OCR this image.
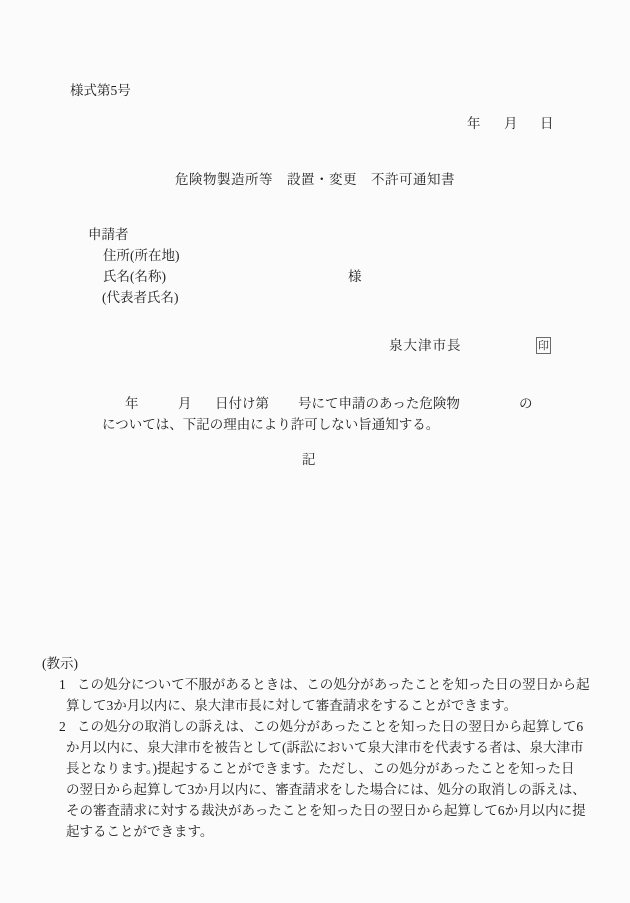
様式第5号
年 月 日
危険物製造所等　設置・変更　不許可通知書
申請者
住所(所在地)
氏名(名称)	様
(代表者氏名)
泉大津市長	印
年	月 日付け第 号にて申請のあった危険物	の
については、下記の理由により許可しない旨通知する。
記
(教示)
1 この処分について不服があるときは、この処分があったことを知った日の翌日から起
算して3か月以内に、泉大津市長に対して審査請求をすることができます。
2 この処分の取消しの訴えは、この処分があったことを知った日の翌日から起算して6
か月以内に、泉大津市を被告として(訴訟において泉大津市を代表する者は、泉大津市
長となります。)提起することができます。ただし、この処分があったことを知った日
の翌日から起算して3か月以内に、審査請求をした場合には、処分の取消しの訴えは、
その審査請求に対する裁決があったことを知った日の翌日から起算して6か月以内に提
起することができます。
